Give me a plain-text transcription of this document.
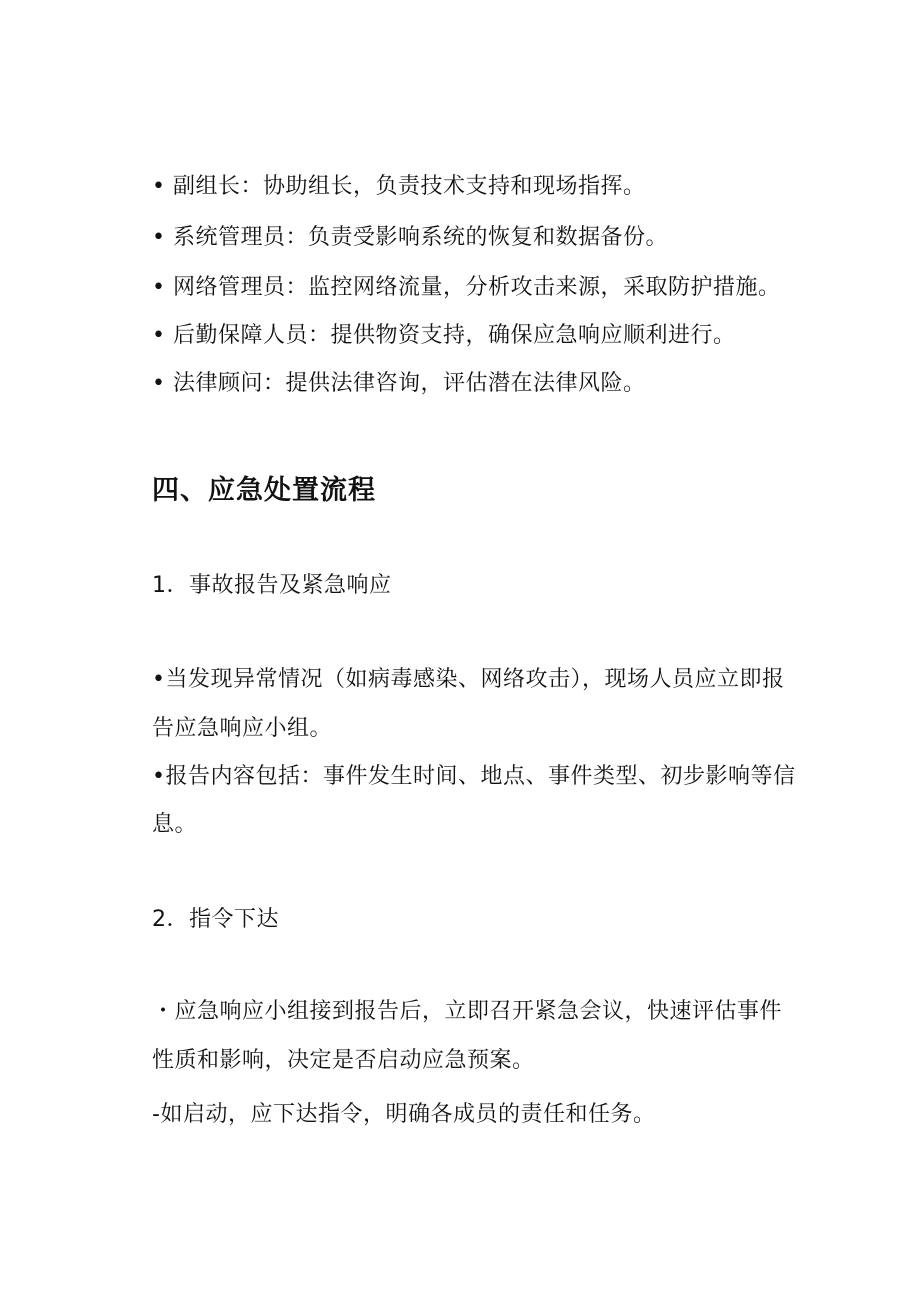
• 副组长：协助组长，负责技术支持和现场指挥。
• 系统管理员：负责受影响系统的恢复和数据备份。
• 网络管理员：监控网络流量，分析攻击来源，采取防护措施。
• 后勤保障人员：提供物资支持，确保应急响应顺利进行。
• 法律顾问：提供法律咨询，评估潜在法律风险。
四、应急处置流程
1．事故报告及紧急响应
•当发现异常情况（如病毒感染、网络攻击），现场人员应立即报
告应急响应小组。
•报告内容包括：事件发生时间、地点、事件类型、初步影响等信
息。
2．指令下达
・应急响应小组接到报告后，立即召开紧急会议，快速评估事件
性质和影响，决定是否启动应急预案。
-如启动，应下达指令，明确各成员的责任和任务。
